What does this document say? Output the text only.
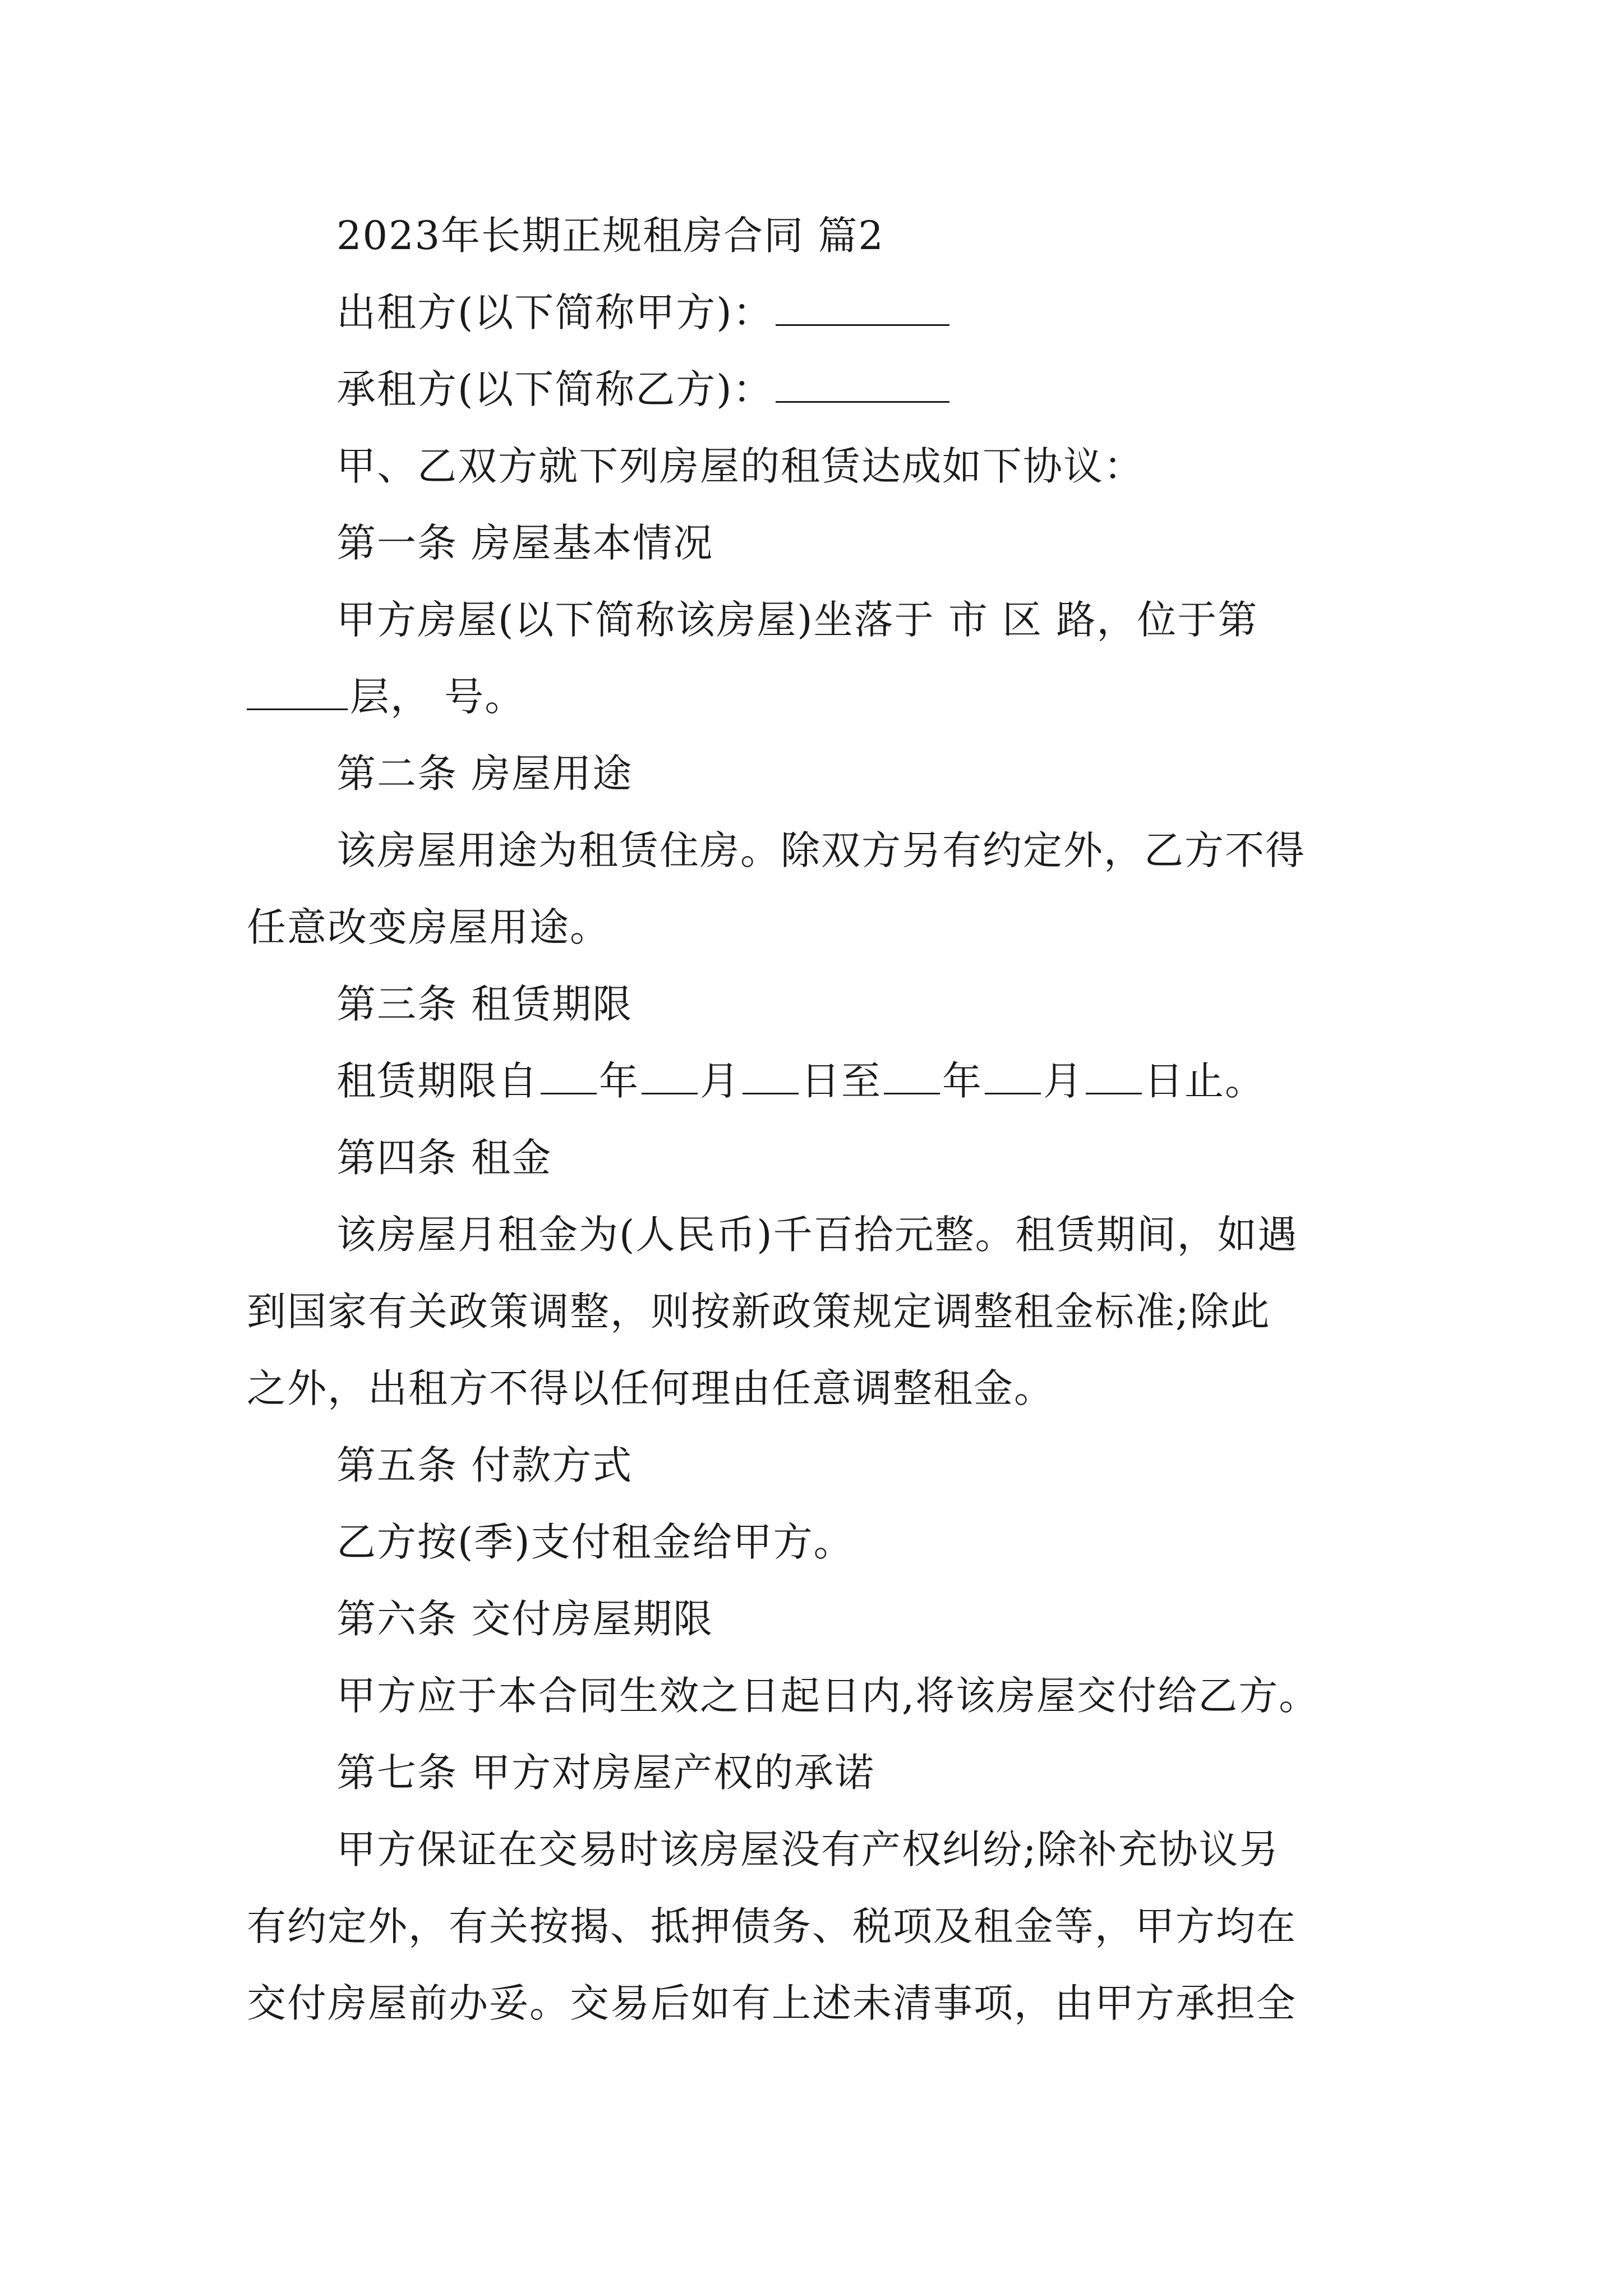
2023年长期正规租房合同 篇2
出租方(以下简称甲方)：
承租方(以下简称乙方)：
甲、乙双方就下列房屋的租赁达成如下协议：
第一条 房屋基本情况
甲方房屋(以下简称该房屋)坐落于 市 区 路，位于第
层， 号。
第二条 房屋用途
该房屋用途为租赁住房。除双方另有约定外，乙方不得
任意改变房屋用途。
第三条 租赁期限
租赁期限自 年 月 日至 年 月 日止。
第四条 租金
该房屋月租金为(人民币)千百拾元整。租赁期间，如遇
到国家有关政策调整，则按新政策规定调整租金标准;除此
之外，出租方不得以任何理由任意调整租金。
第五条 付款方式
乙方按(季)支付租金给甲方。
第六条 交付房屋期限
甲方应于本合同生效之日起日内,将该房屋交付给乙方。
第七条 甲方对房屋产权的承诺
甲方保证在交易时该房屋没有产权纠纷;除补充协议另
有约定外，有关按揭、抵押债务、税项及租金等，甲方均在
交付房屋前办妥。交易后如有上述未清事项，由甲方承担全
